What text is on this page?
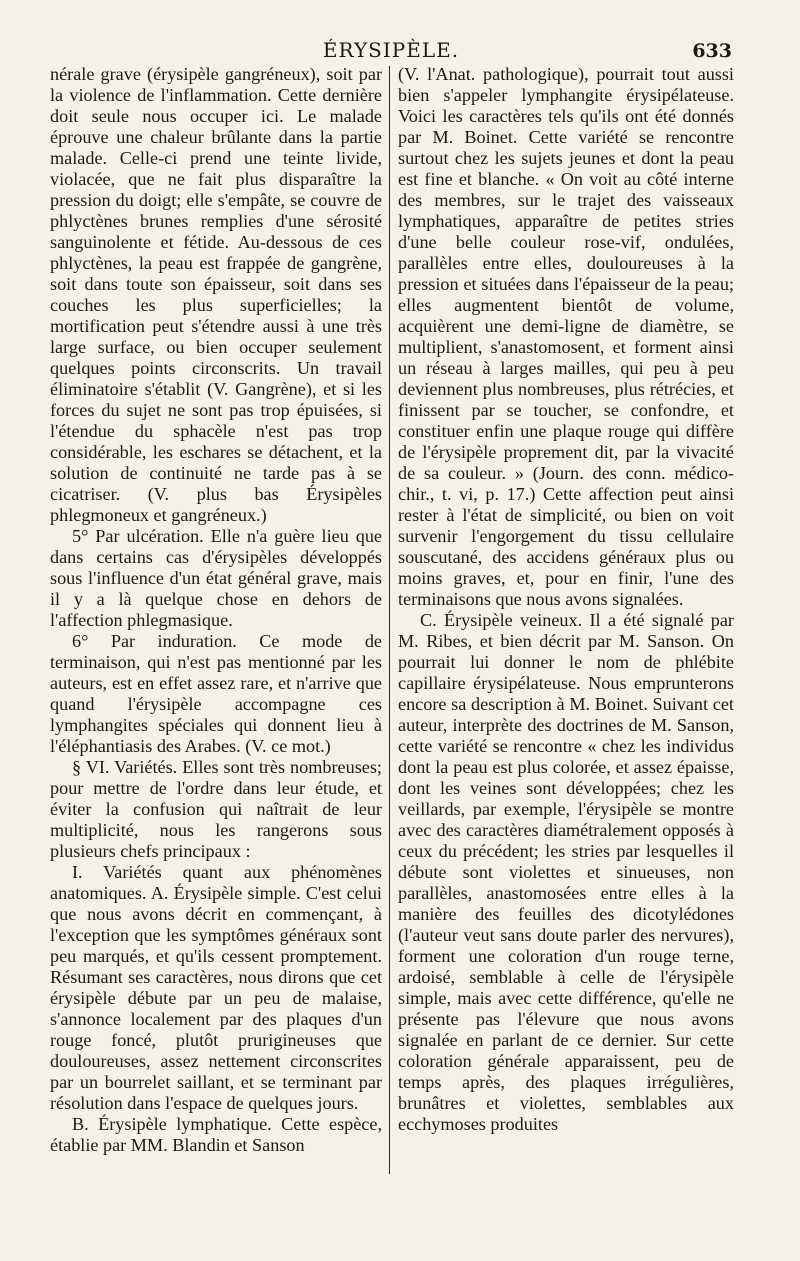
ÉRYSIPÈLE.	633

nérale grave (érysipèle gangréneux), soit par la violence de l'inflammation. Cette dernière doit seule nous occuper ici. Le malade éprouve une chaleur brûlante dans la partie malade. Celle-ci prend une teinte livide, violacée, que ne fait plus disparaître la pression du doigt; elle s'empâte, se couvre de phlyctènes brunes remplies d'une sérosité sanguinolente et fétide. Au-dessous de ces phlyctènes, la peau est frappée de gangrène, soit dans toute son épaisseur, soit dans ses couches les plus superficielles; la mortification peut s'étendre aussi à une très large surface, ou bien occuper seulement quelques points circonscrits. Un travail éliminatoire s'établit (V. Gangrène), et si les forces du sujet ne sont pas trop épuisées, si l'étendue du sphacèle n'est pas trop considérable, les eschares se détachent, et la solution de continuité ne tarde pas à se cicatriser. (V. plus bas Érysipèles phlegmoneux et gangréneux.)

5° Par ulcération. Elle n'a guère lieu que dans certains cas d'érysipèles développés sous l'influence d'un état général grave, mais il y a là quelque chose en dehors de l'affection phlegmasique.

6° Par induration. Ce mode de terminaison, qui n'est pas mentionné par les auteurs, est en effet assez rare, et n'arrive que quand l'érysipèle accompagne ces lymphangites spéciales qui donnent lieu à l'éléphantiasis des Arabes. (V. ce mot.)

§ VI. Variétés. Elles sont très nombreuses; pour mettre de l'ordre dans leur étude, et éviter la confusion qui naîtrait de leur multiplicité, nous les rangerons sous plusieurs chefs principaux :

I. Variétés quant aux phénomènes anatomiques. A. Érysipèle simple. C'est celui que nous avons décrit en commençant, à l'exception que les symptômes généraux sont peu marqués, et qu'ils cessent promptement. Résumant ses caractères, nous dirons que cet érysipèle débute par un peu de malaise, s'annonce localement par des plaques d'un rouge foncé, plutôt prurigineuses que douloureuses, assez nettement circonscrites par un bourrelet saillant, et se terminant par résolution dans l'espace de quelques jours.

B. Érysipèle lymphatique. Cette espèce, établie par MM. Blandin et Sanson

(V. l'Anat. pathologique), pourrait tout aussi bien s'appeler lymphangite érysipélateuse. Voici les caractères tels qu'ils ont été donnés par M. Boinet. Cette variété se rencontre surtout chez les sujets jeunes et dont la peau est fine et blanche. « On voit au côté interne des membres, sur le trajet des vaisseaux lymphatiques, apparaître de petites stries d'une belle couleur rose-vif, ondulées, parallèles entre elles, douloureuses à la pression et situées dans l'épaisseur de la peau; elles augmentent bientôt de volume, acquièrent une demi-ligne de diamètre, se multiplient, s'anastomosent, et forment ainsi un réseau à larges mailles, qui peu à peu deviennent plus nombreuses, plus rétrécies, et finissent par se toucher, se confondre, et constituer enfin une plaque rouge qui diffère de l'érysipèle proprement dit, par la vivacité de sa couleur. » (Journ. des conn. médico-chir., t. vi, p. 17.) Cette affection peut ainsi rester à l'état de simplicité, ou bien on voit survenir l'engorgement du tissu cellulaire souscutané, des accidens généraux plus ou moins graves, et, pour en finir, l'une des terminaisons que nous avons signalées.

C. Érysipèle veineux. Il a été signalé par M. Ribes, et bien décrit par M. Sanson. On pourrait lui donner le nom de phlébite capillaire érysipélateuse. Nous emprunterons encore sa description à M. Boinet. Suivant cet auteur, interprète des doctrines de M. Sanson, cette variété se rencontre « chez les individus dont la peau est plus colorée, et assez épaisse, dont les veines sont développées; chez les veillards, par exemple, l'érysipèle se montre avec des caractères diamétralement opposés à ceux du précédent; les stries par lesquelles il débute sont violettes et sinueuses, non parallèles, anastomosées entre elles à la manière des feuilles des dicotylédones (l'auteur veut sans doute parler des nervures), forment une coloration d'un rouge terne, ardoisé, semblable à celle de l'érysipèle simple, mais avec cette différence, qu'elle ne présente pas l'élevure que nous avons signalée en parlant de ce dernier. Sur cette coloration générale apparaissent, peu de temps après, des plaques irrégulières, brunâtres et violettes, semblables aux ecchymoses produites
